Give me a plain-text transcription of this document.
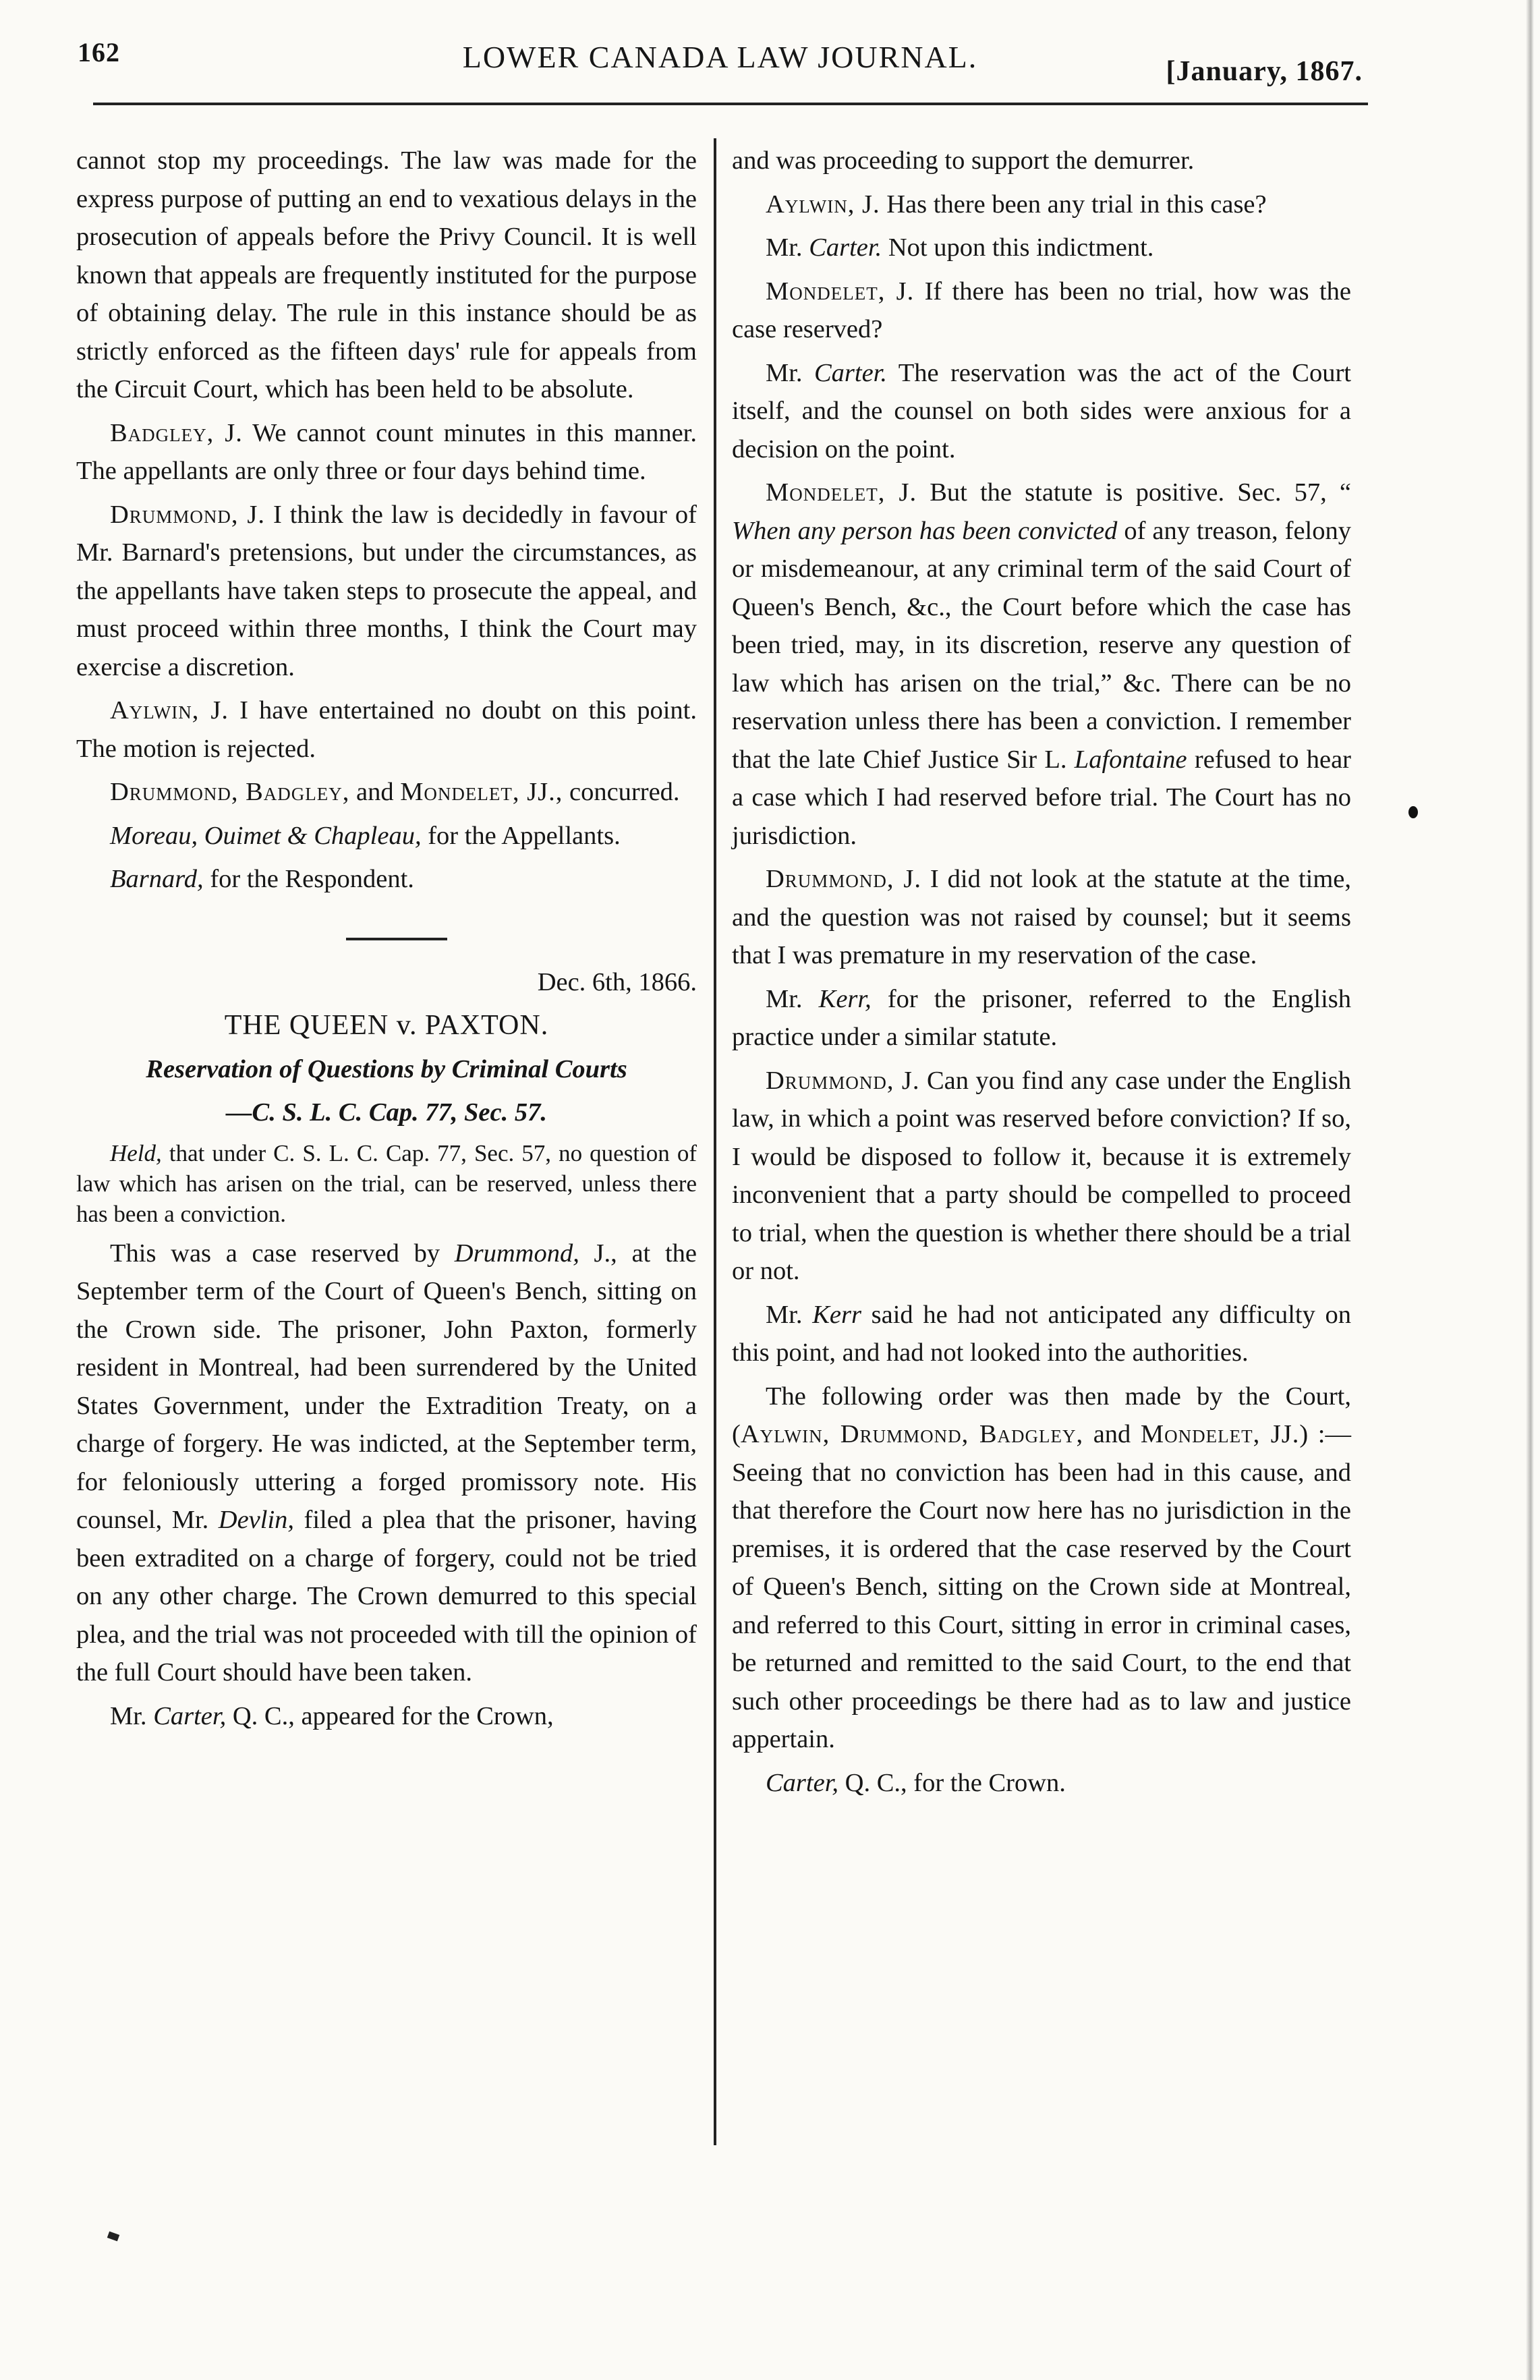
162	LOWER CANADA LAW JOURNAL.	[January, 1867.

cannot stop my proceedings. The law was made for the express purpose of putting an end to vexatious delays in the prosecution of appeals before the Privy Council. It is well known that appeals are frequently instituted for the purpose of obtaining delay. The rule in this instance should be as strictly enforced as the fifteen days' rule for appeals from the Circuit Court, which has been held to be absolute.

Badgley, J. We cannot count minutes in this manner. The appellants are only three or four days behind time.

Drummond, J. I think the law is decidedly in favour of Mr. Barnard's pretensions, but under the circumstances, as the appellants have taken steps to prosecute the appeal, and must proceed within three months, I think the Court may exercise a discretion.

Aylwin, J. I have entertained no doubt on this point. The motion is rejected.

Drummond, Badgley, and Mondelet, JJ., concurred.

Moreau, Ouimet & Chapleau, for the Appellants.

Barnard, for the Respondent.

Dec. 6th, 1866.

THE QUEEN v. PAXTON.

Reservation of Questions by Criminal Courts

—C. S. L. C. Cap. 77, Sec. 57.

Held, that under C. S. L. C. Cap. 77, Sec. 57, no question of law which has arisen on the trial, can be reserved, unless there has been a conviction.

This was a case reserved by Drummond, J., at the September term of the Court of Queen's Bench, sitting on the Crown side. The prisoner, John Paxton, formerly resident in Montreal, had been surrendered by the United States Government, under the Extradition Treaty, on a charge of forgery. He was indicted, at the September term, for feloniously uttering a forged promissory note. His counsel, Mr. Devlin, filed a plea that the prisoner, having been extradited on a charge of forgery, could not be tried on any other charge. The Crown demurred to this special plea, and the trial was not proceeded with till the opinion of the full Court should have been taken.

Mr. Carter, Q. C., appeared for the Crown,

and was proceeding to support the demurrer.

Aylwin, J. Has there been any trial in this case?

Mr. Carter. Not upon this indictment.

Mondelet, J. If there has been no trial, how was the case reserved?

Mr. Carter. The reservation was the act of the Court itself, and the counsel on both sides were anxious for a decision on the point.

Mondelet, J. But the statute is positive. Sec. 57, “ When any person has been convicted of any treason, felony or misdemeanour, at any criminal term of the said Court of Queen's Bench, &c., the Court before which the case has been tried, may, in its discretion, reserve any question of law which has arisen on the trial,” &c. There can be no reservation unless there has been a conviction. I remember that the late Chief Justice Sir L. Lafontaine refused to hear a case which I had reserved before trial. The Court has no jurisdiction.

Drummond, J. I did not look at the statute at the time, and the question was not raised by counsel; but it seems that I was premature in my reservation of the case.

Mr. Kerr, for the prisoner, referred to the English practice under a similar statute.

Drummond, J. Can you find any case under the English law, in which a point was reserved before conviction? If so, I would be disposed to follow it, because it is extremely inconvenient that a party should be compelled to proceed to trial, when the question is whether there should be a trial or not.

Mr. Kerr said he had not anticipated any difficulty on this point, and had not looked into the authorities.

The following order was then made by the Court, (Aylwin, Drummond, Badgley, and Mondelet, JJ.) :—Seeing that no conviction has been had in this cause, and that therefore the Court now here has no jurisdiction in the premises, it is ordered that the case reserved by the Court of Queen's Bench, sitting on the Crown side at Montreal, and referred to this Court, sitting in error in criminal cases, be returned and remitted to the said Court, to the end that such other proceedings be there had as to law and justice appertain.

Carter, Q. C., for the Crown.
